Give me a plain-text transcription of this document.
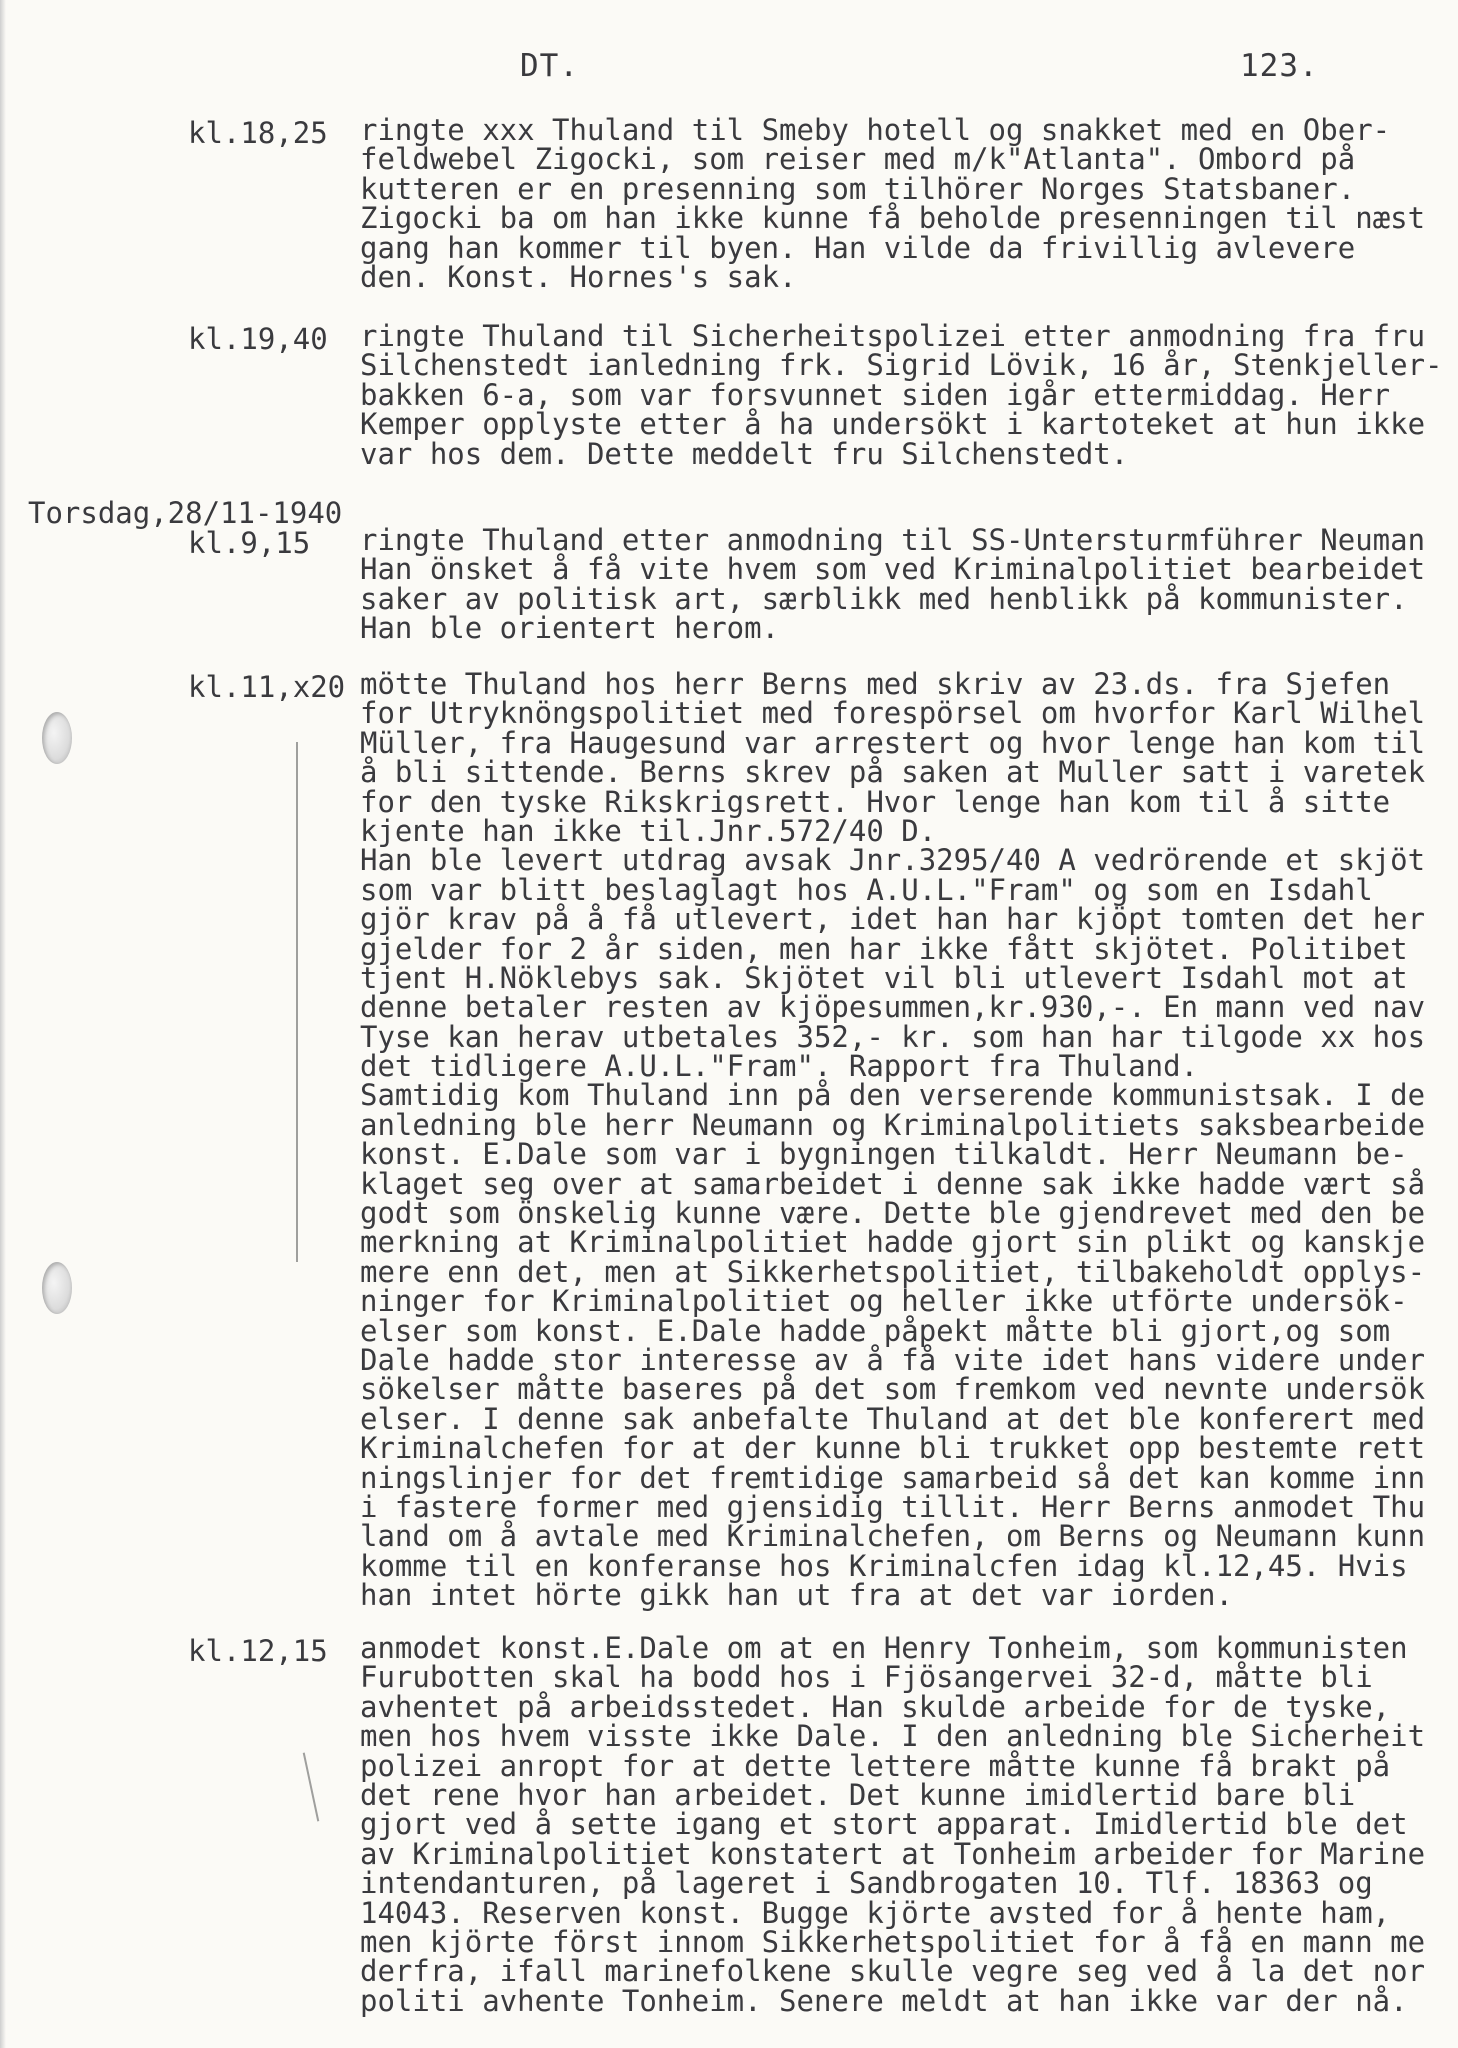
DT.	123.
kl.18,25	ringte xxx Thuland til Smeby hotell og snakket med en Ober-
feldwebel Zigocki, som reiser med m/k"Atlanta". Ombord på
kutteren er en presenning som tilhörer Norges Statsbaner.
Zigocki ba om han ikke kunne få beholde presenningen til næst
gang han kommer til byen. Han vilde da frivillig avlevere
den. Konst. Hornes's sak.
kl.19,40	ringte Thuland til Sicherheitspolizei etter anmodning fra fru
Silchenstedt ianledning frk. Sigrid Lövik, 16 år, Stenkjeller-
bakken 6-a, som var forsvunnet siden igår ettermiddag. Herr
Kemper opplyste etter å ha undersökt i kartoteket at hun ikke
var hos dem. Dette meddelt fru Silchenstedt.
Torsdag,28/11-1940
kl.9,15	ringte Thuland etter anmodning til SS-Untersturmführer Neuman
Han önsket å få vite hvem som ved Kriminalpolitiet bearbeidet
saker av politisk art, særblikk med henblikk på kommunister.
Han ble orientert herom.
kl.11,x20 mötte Thuland hos herr Berns med skriv av 23.ds. fra Sjefen
for Utryknöngspolitiet med forespörsel om hvorfor Karl Wilhel
Müller, fra Haugesund var arrestert og hvor lenge han kom til
å bli sittende. Berns skrev på saken at Muller satt i varetek
for den tyske Rikskrigsrett. Hvor lenge han kom til å sitte
kjente han ikke til.Jnr.572/40 D.
Han ble levert utdrag avsak Jnr.3295/40 A vedrörende et skjöt
som var blitt beslaglagt hos A.U.L."Fram" og som en Isdahl
gjör krav på å få utlevert, idet han har kjöpt tomten det her
gjelder for 2 år siden, men har ikke fått skjötet. Politibet
tjent H.Nöklebys sak. Skjötet vil bli utlevert Isdahl mot at
denne betaler resten av kjöpesummen,kr.930,-. En mann ved nav
Tyse kan herav utbetales 352,- kr. som han har tilgode xx hos
det tidligere A.U.L."Fram". Rapport fra Thuland.
Samtidig kom Thuland inn på den verserende kommunistsak. I de
anledning ble herr Neumann og Kriminalpolitiets saksbearbeide
konst. E.Dale som var i bygningen tilkaldt. Herr Neumann be-
klaget seg over at samarbeidet i denne sak ikke hadde vært så
godt som önskelig kunne være. Dette ble gjendrevet med den be
merkning at Kriminalpolitiet hadde gjort sin plikt og kanskje
mere enn det, men at Sikkerhetspolitiet, tilbakeholdt opplys-
ninger for Kriminalpolitiet og heller ikke utförte undersök-
elser som konst. E.Dale hadde påpekt måtte bli gjort,og som
Dale hadde stor interesse av å få vite idet hans videre under
sökelser måtte baseres på det som fremkom ved nevnte undersök
elser. I denne sak anbefalte Thuland at det ble konferert med
Kriminalchefen for at der kunne bli trukket opp bestemte rett
ningslinjer for det fremtidige samarbeid så det kan komme inn
i fastere former med gjensidig tillit. Herr Berns anmodet Thu
land om å avtale med Kriminalchefen, om Berns og Neumann kunn
komme til en konferanse hos Kriminalcfen idag kl.12,45. Hvis
han intet hörte gikk han ut fra at det var iorden.
kl.12,15	anmodet konst.E.Dale om at en Henry Tonheim, som kommunisten
Furubotten skal ha bodd hos i Fjösangervei 32-d, måtte bli
avhentet på arbeidsstedet. Han skulde arbeide for de tyske,
men hos hvem visste ikke Dale. I den anledning ble Sicherheit
polizei anropt for at dette lettere måtte kunne få brakt på
det rene hvor han arbeidet. Det kunne imidlertid bare bli
gjort ved å sette igang et stort apparat. Imidlertid ble det
av Kriminalpolitiet konstatert at Tonheim arbeider for Marine
intendanturen, på lageret i Sandbrogaten 10. Tlf. 18363 og
14043. Reserven konst. Bugge kjörte avsted for å hente ham,
men kjörte först innom Sikkerhetspolitiet for å få en mann me
derfra, ifall marinefolkene skulle vegre seg ved å la det nor
politi avhente Tonheim. Senere meldt at han ikke var der nå.
